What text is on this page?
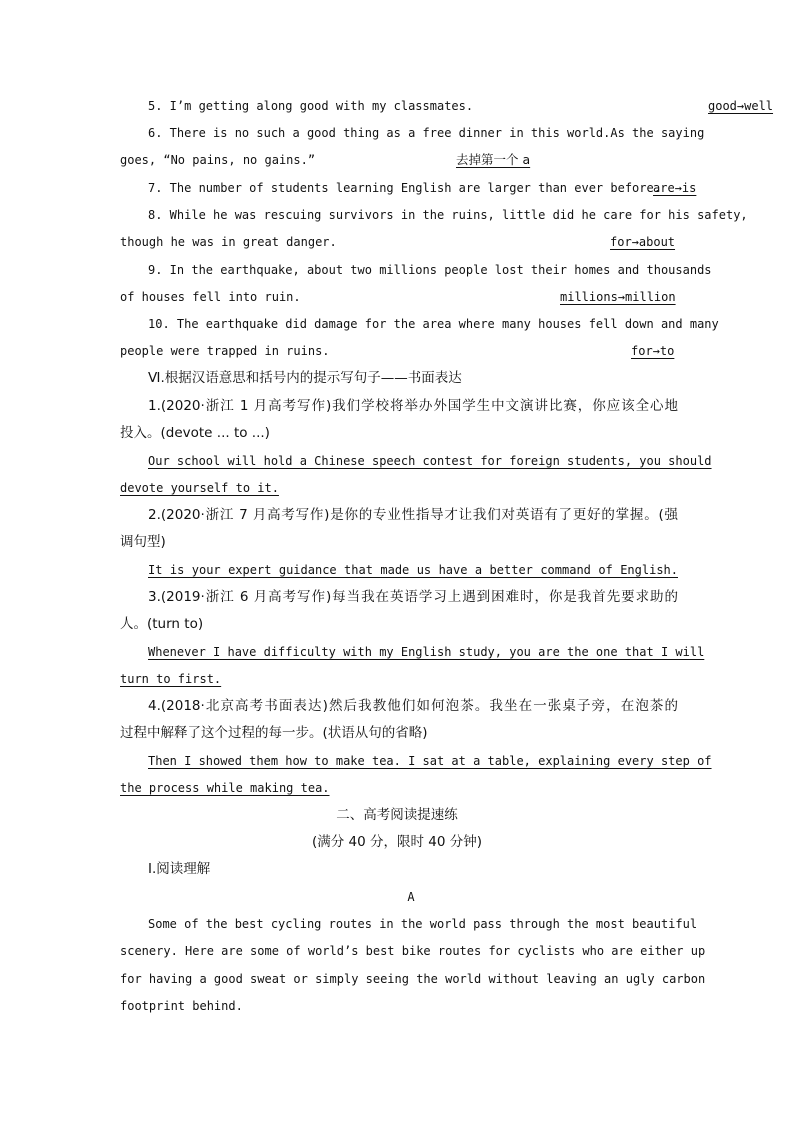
5. I’m getting along good with my classmates.	good→well
6. There is no such a good thing as a free dinner in this world.As the saying
goes, “No pains, no gains.”	去掉第一个 a
7. The number of students learning English are larger than ever before.
are→is
8. While he was rescuing survivors in the ruins, little did he care for his safety,
though he was in great danger.	for→about
9. In the earthquake, about two millions people lost their homes and thousands
of houses fell into ruin.	millions→million
10. The earthquake did damage for the area where many houses fell down and many
people were trapped in ruins.	for→to
Ⅵ.根据汉语意思和括号内的提示写句子——书面表达
1.(2020·浙江 1 月高考写作)我们学校将举办外国学生中文演讲比赛，你应该全心地
投入。(devote ... to ...)
Our school will hold a Chinese speech contest for foreign students, you should
devote yourself to it.
2.(2020·浙江 7 月高考写作)是你的专业性指导才让我们对英语有了更好的掌握。(强
调句型)
It is your expert guidance that made us have a better command of English.
3.(2019·浙江 6 月高考写作)每当我在英语学习上遇到困难时，你是我首先要求助的
人。(turn to)
Whenever I have difficulty with my English study, you are the one that I will
turn to first.
4.(2018·北京高考书面表达)然后我教他们如何泡茶。我坐在一张桌子旁，在泡茶的
过程中解释了这个过程的每一步。(状语从句的省略)
Then I showed them how to make tea. I sat at a table, explaining every step of
the process while making tea.
二、高考阅读提速练
(满分 40 分，限时 40 分钟)
Ⅰ.阅读理解
A
Some of the best cycling routes in the world pass through the most beautiful
scenery. Here are some of world’s best bike routes for cyclists who are either up
for having a good sweat or simply seeing the world without leaving an ugly carbon
footprint behind.
